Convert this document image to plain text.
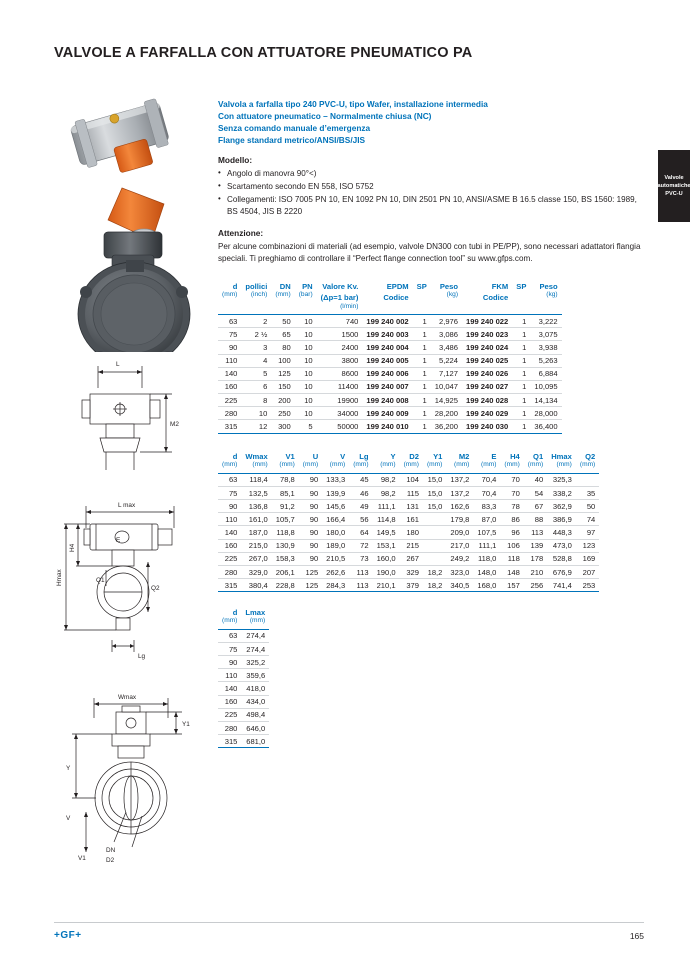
VALVOLE A FARFALLA CON ATTUATORE PNEUMATICO PA
Valvole automatiche PVC-U
Valvola a farfalla tipo 240 PVC-U, tipo Wafer, installazione intermedia
Con attuatore pneumatico – Normalmente chiusa (NC)
Senza comando manuale d’emergenza
Flange standard metrico/ANSI/BS/JIS
Modello:
• Angolo di manovra 90°<)
• Scartamento secondo EN 558, ISO 5752
• Collegamenti: ISO 7005 PN 10, EN 1092 PN 10, DIN 2501 PN 10, ANSI/ASME B 16.5 classe 150, BS 1560: 1989, BS 4504, JIS B 2220
Attenzione:

Per alcune combinazioni di materiali (ad esempio, valvole DN300 con tubi in PE/PP), sono necessari adattatori flangia speciali. Ti preghiamo di controllare il “Perfect flange connection tool” su www.gfps.com.

L
M2
L max
Hmax
H4
Q1
Q2
Lg
E
Wmax
Y1
Y
V
V1
DN
D2
d	pollici	DN	PN	Valore Kv.	EPDM	SP	Peso	FKM	SP	Peso
(mm)	(inch)	(mm)	(bar)	(Δp=1 bar)	Codice		(kg)	Codice		(kg)
				(l/min)						
63	2	50	10	740	199 240 002	1	2,976	199 240 022	1	3,222
75	2 ½	65	10	1500	199 240 003	1	3,086	199 240 023	1	3,075
90	3	80	10	2400	199 240 004	1	3,486	199 240 024	1	3,938
110	4	100	10	3800	199 240 005	1	5,224	199 240 025	1	5,263
140	5	125	10	8600	199 240 006	1	7,127	199 240 026	1	6,884
160	6	150	10	11400	199 240 007	1	10,047	199 240 027	1	10,095
225	8	200	10	19900	199 240 008	1	14,925	199 240 028	1	14,134
280	10	250	10	34000	199 240 009	1	28,200	199 240 029	1	28,000
315	12	300	5	50000	199 240 010	1	36,200	199 240 030	1	36,400
d	Wmax	V1	U	V	Lg	Y	D2	Y1	M2	E	H4	Q1	Hmax	Q2
(mm)	(mm)	(mm)	(mm)	(mm)	(mm)	(mm)	(mm)	(mm)	(mm)	(mm)	(mm)	(mm)	(mm)	(mm)
63	118,4	78,8	90	133,3	45	98,2	104	15,0	137,2	70,4	70	40	325,3	
75	132,5	85,1	90	139,9	46	98,2	115	15,0	137,2	70,4	70	54	338,2	35
90	136,8	91,2	90	145,6	49	111,1	131	15,0	162,6	83,3	78	67	362,9	50
110	161,0	105,7	90	166,4	56	114,8	161		179,8	87,0	86	88	386,9	74
140	187,0	118,8	90	180,0	64	149,5	180		209,0	107,5	96	113	448,3	97
160	215,0	130,9	90	189,0	72	153,1	215		217,0	111,1	106	139	473,0	123
225	267,0	158,3	90	210,5	73	160,0	267		249,2	118,0	118	178	528,8	169
280	329,0	206,1	125	262,6	113	190,0	329	18,2	323,0	148,0	148	210	676,9	207
315	380,4	228,8	125	284,3	113	210,1	379	18,2	340,5	168,0	157	256	741,4	253
d	Lmax
(mm)	(mm)
63	274,4
75	274,4
90	325,2
110	359,6
140	418,0
160	434,0
225	498,4
280	646,0
315	681,0
+GF+	165
